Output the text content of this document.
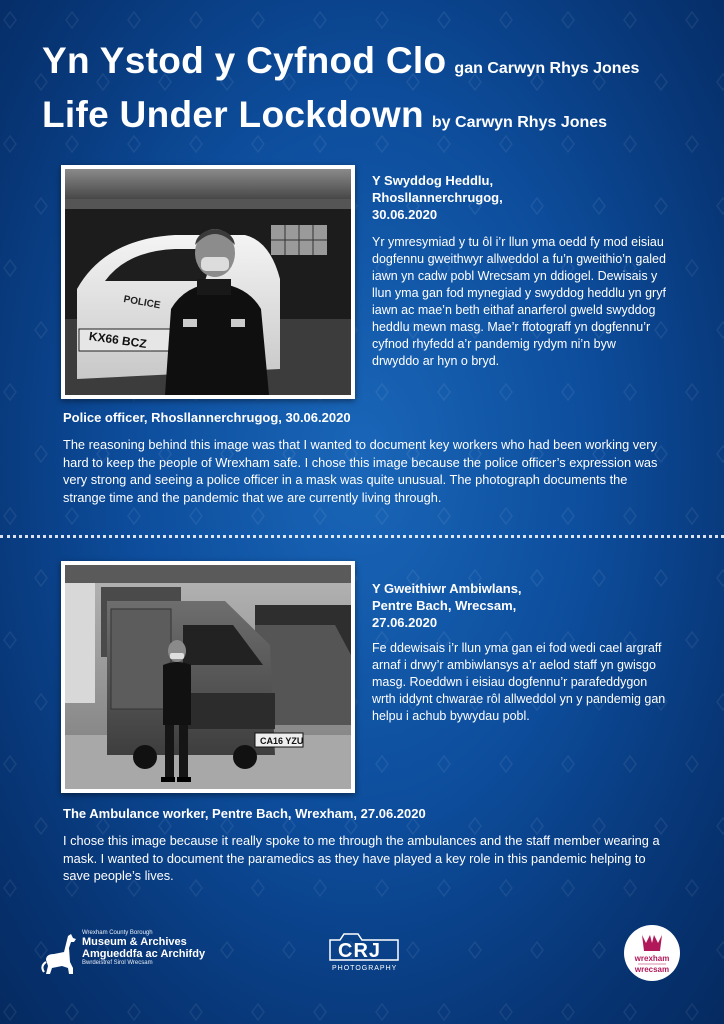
Yn Ystod y Cyfnod Clo gan Carwyn Rhys Jones
Life Under Lockdown by Carwyn Rhys Jones
KX66 BCZ
POLICE
Y Swyddog Heddlu,
Rhosllannerchrugog,
30.06.2020
Yr ymresymiad y tu ôl i’r llun yma oedd fy mod eisiau dogfennu gweithwyr allweddol a fu’n gweithio’n galed iawn yn cadw pobl Wrecsam yn ddiogel. Dewisais y llun yma gan fod mynegiad y swyddog heddlu yn gryf iawn ac mae’n beth eithaf anarferol gweld swyddog heddlu mewn masg. Mae’r ffotograff yn dogfennu’r cyfnod rhyfedd a’r pandemig rydym ni’n byw drwyddo ar hyn o bryd.
Police officer, Rhosllannerchrugog, 30.06.2020
The reasoning behind this image was that I wanted to document key workers who had been working very hard to keep the people of Wrexham safe. I chose this image because the police officer’s expression was very strong and seeing a police officer in a mask was quite unusual. The photograph documents the strange time and the pandemic that we are currently living through.
CA16 YZU
Y Gweithiwr Ambiwlans,
Pentre Bach, Wrecsam,
27.06.2020
Fe ddewisais i’r llun yma gan ei fod wedi cael argraff arnaf i drwy’r ambiwlansys a’r aelod staff yn gwisgo masg. Roeddwn i eisiau dogfennu’r parafeddygon wrth iddynt chwarae rôl allweddol yn y pandemig gan helpu i achub bywydau pobl.
The Ambulance worker, Pentre Bach, Wrexham, 27.06.2020
I chose this image because it really spoke to me through the ambulances and the staff member wearing a mask. I wanted to document the paramedics as they have played a key role in this pandemic helping to save people’s lives.
Wrexham County Borough
Museum & Archives
Amgueddfa ac Archifdy
Bwrdeistref Sirol Wrecsam
CRJ
PHOTOGRAPHY
wrexham
wrecsam
